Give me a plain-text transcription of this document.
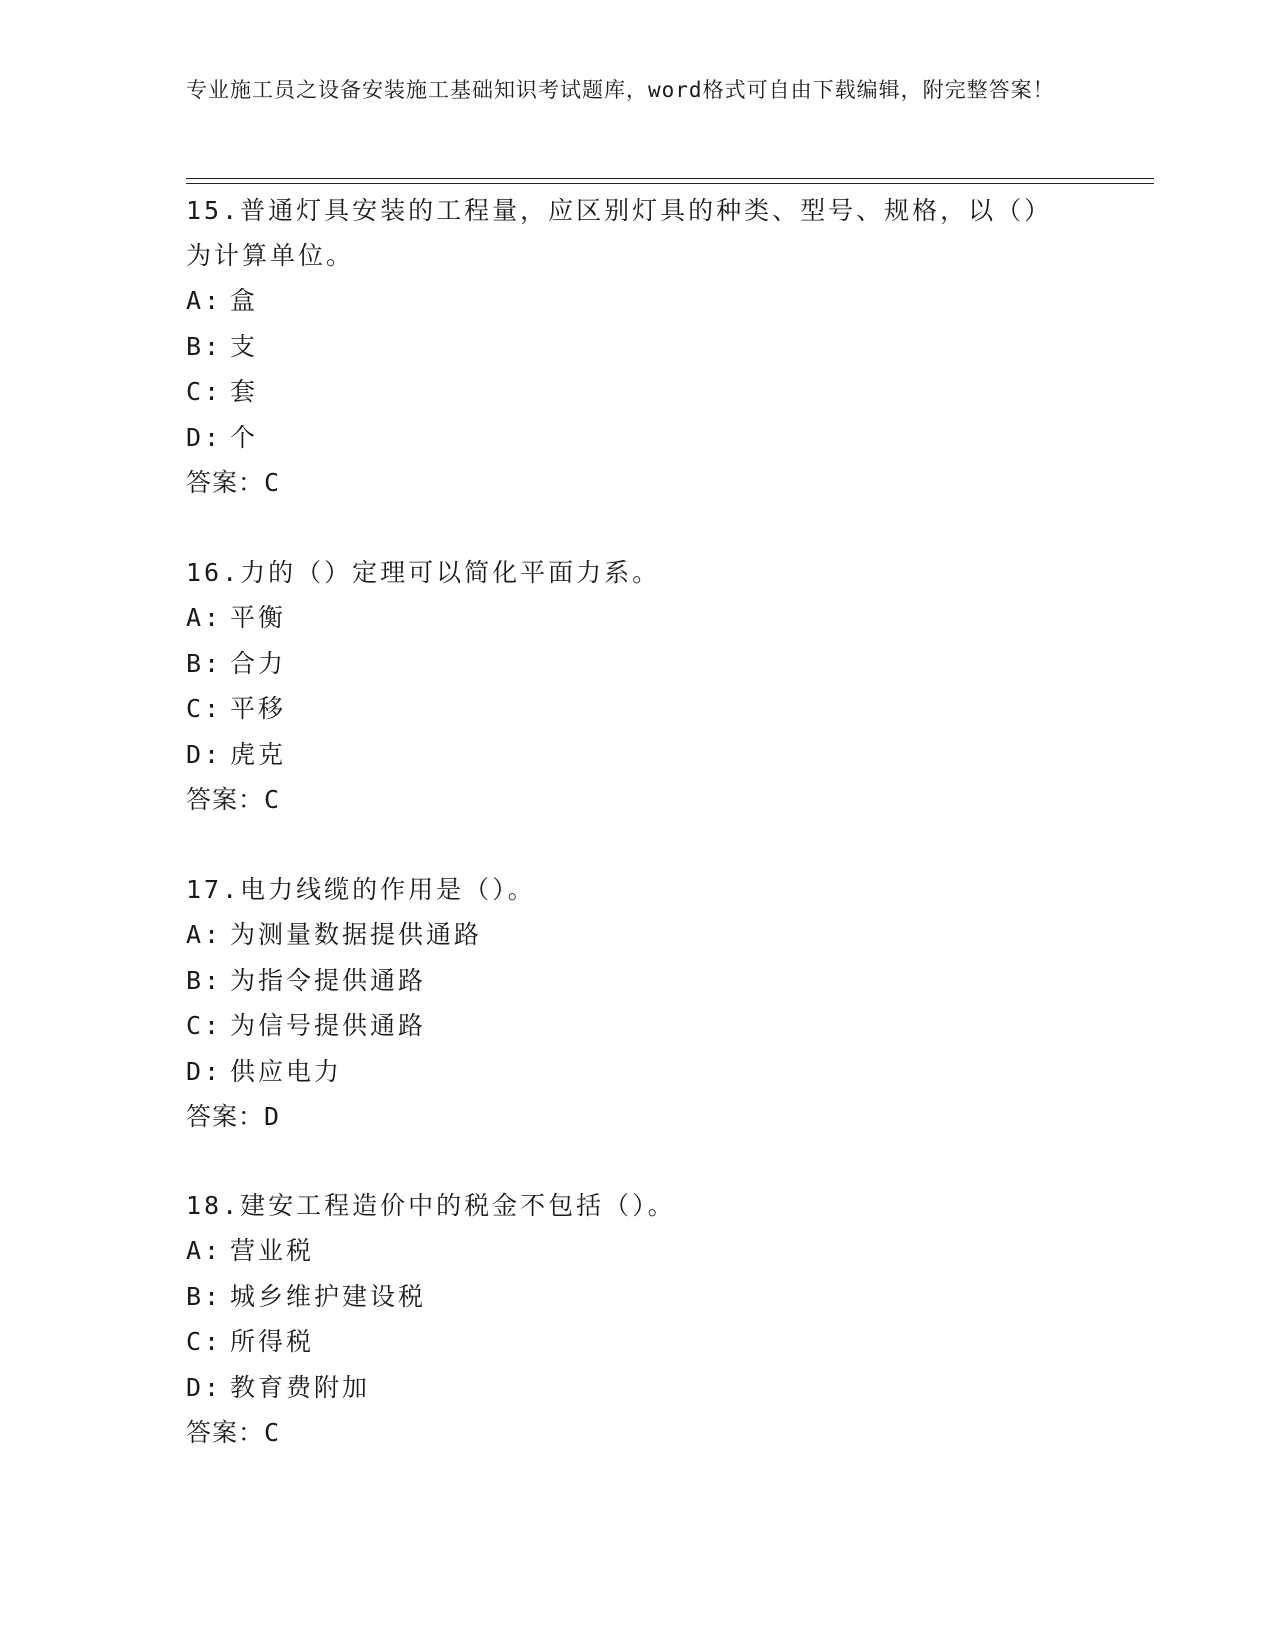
专业施工员之设备安装施工基础知识考试题库，word格式可自由下载编辑，附完整答案！
15.普通灯具安装的工程量，应区别灯具的种类、型号、规格，以（）为计算单位。
A: 盒
B: 支
C: 套
D: 个
答案：C
16.力的（）定理可以简化平面力系。
A: 平衡
B: 合力
C: 平移
D: 虎克
答案：C
17.电力线缆的作用是（）。
A: 为测量数据提供通路
B: 为指令提供通路
C: 为信号提供通路
D: 供应电力
答案：D
18.建安工程造价中的税金不包括（）。
A: 营业税
B: 城乡维护建设税
C: 所得税
D: 教育费附加
答案：C
